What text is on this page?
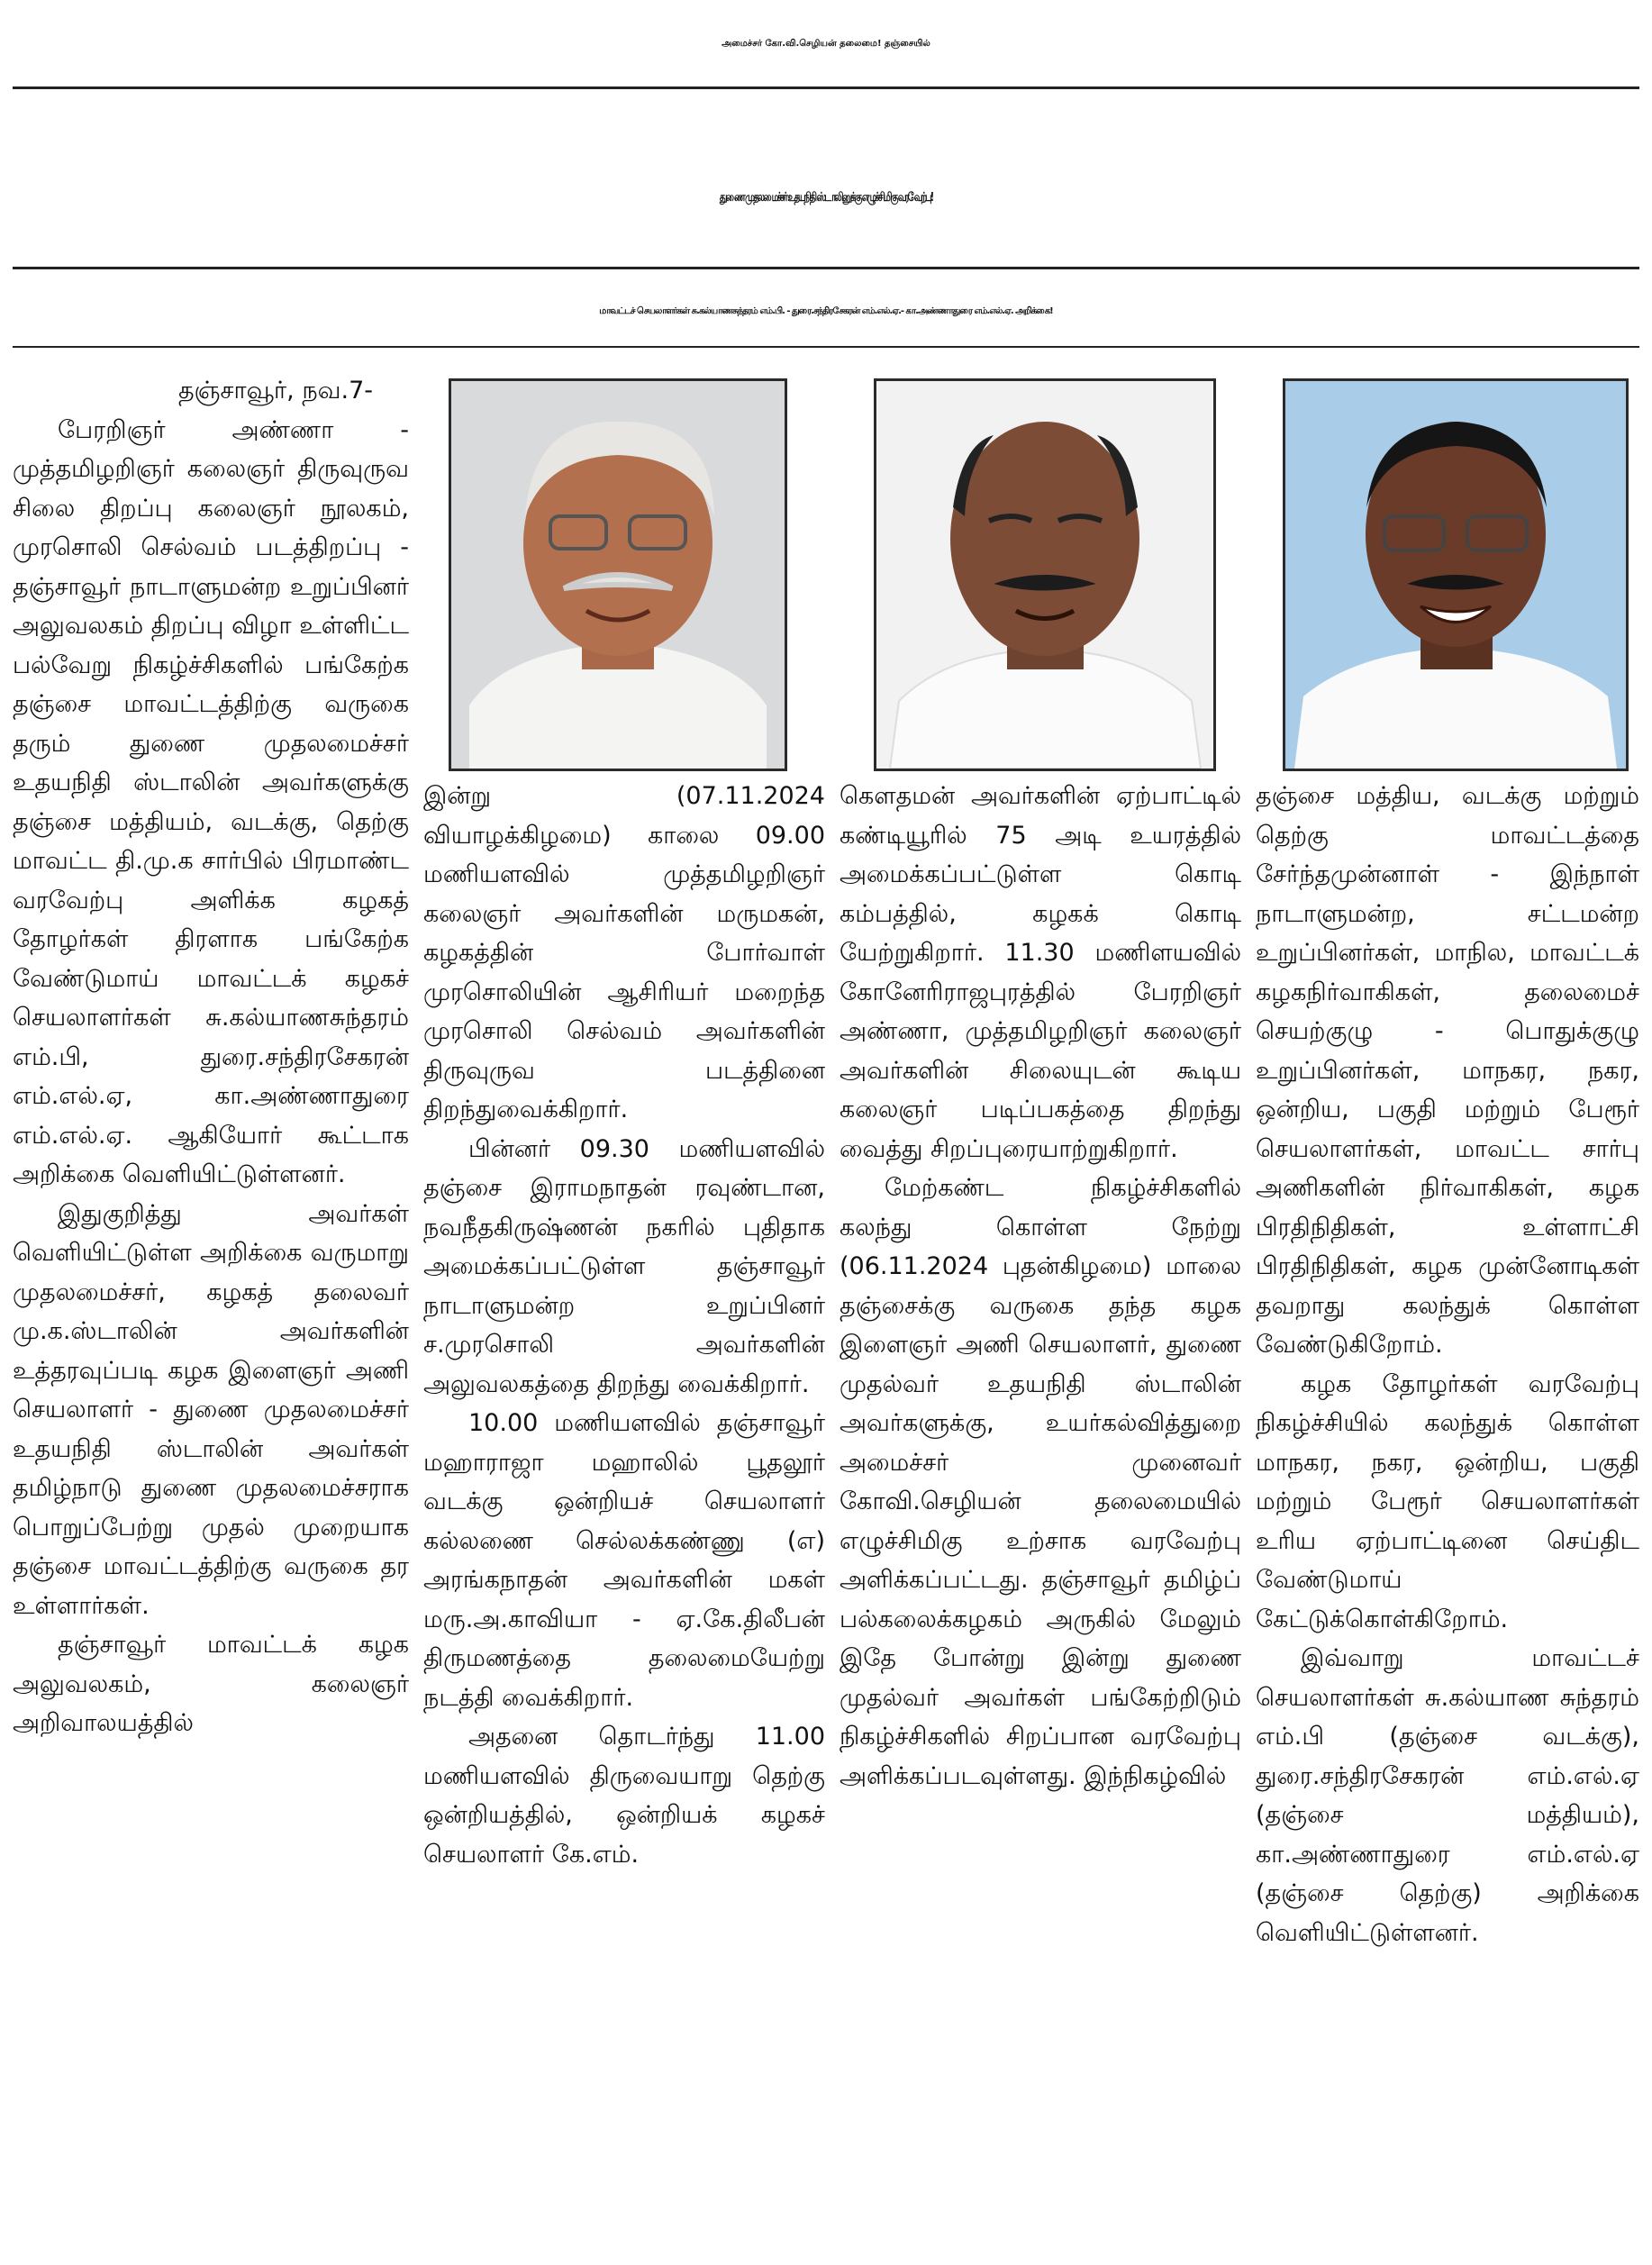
அமைச்சர் கோ.வி.செழியன் தலைமை! தஞ்சையில்
துணை முதலமைச்சர் உதயநிதி ஸ்டாலினுக்கு எழுச்சிமிகு வரவேற்பு!
மாவட்டச் செயலாளர்கள் சு.கல்யாணசுந்தரம் எம்.பி. - துரை.சந்திரசேகரன் எம்.எல்.ஏ.- கா.அண்ணாதுரை எம்.எல்.ஏ. அறிக்கை!

தஞ்சாவூர், நவ.7-

பேரறிஞர் அண்ணா - முத்தமிழறிஞர் கலைஞர் திருவுருவ சிலை திறப்பு கலைஞர் நூலகம், முரசொலி செல்வம் படத்திறப்பு - தஞ்சாவூர் நாடாளுமன்ற உறுப்பினர் அலுவலகம் திறப்பு விழா உள்ளிட்ட பல்வேறு நிகழ்ச்சிகளில் பங்கேற்க தஞ்சை மாவட்டத்திற்கு வருகை தரும் துணை முதலமைச்சர் உதயநிதி ஸ்டாலின் அவர்களுக்கு தஞ்சை மத்தியம், வடக்கு, தெற்கு மாவட்ட தி.மு.க சார்பில் பிரமாண்ட வரவேற்பு அளிக்க கழகத் தோழர்கள் திரளாக பங்கேற்க வேண்டுமாய் மாவட்டக் கழகச் செயலாளர்கள் சு.கல்யாணசுந்தரம் எம்.பி, துரை.சந்திரசேகரன் எம்.எல்.ஏ, கா.அண்ணாதுரை எம்.எல்.ஏ. ஆகியோர் கூட்டாக அறிக்கை வெளியிட்டுள்ளனர்.

இதுகுறித்து அவர்கள் வெளியிட்டுள்ள அறிக்கை வருமாறு முதலமைச்சர், கழகத் தலைவர் மு.க.ஸ்டாலின் அவர்களின் உத்தரவுப்படி கழக இளைஞர் அணி செயலாளர் - துணை முதலமைச்சர் உதயநிதி ஸ்டாலின் அவர்கள் தமிழ்நாடு துணை முதலமைச்சராக பொறுப்பேற்று முதல் முறையாக தஞ்சை மாவட்டத்திற்கு வருகை தர உள்ளார்கள்.

தஞ்சாவூர் மாவட்டக் கழக அலுவலகம், கலைஞர் அறிவாலயத்தில்

இன்று (07.11.2024 வியாழக்கிழமை) காலை 09.00 மணியளவில் முத்தமிழறிஞர் கலைஞர் அவர்களின் மருமகன், கழகத்தின் போர்வாள் முரசொலியின் ஆசிரியர் மறைந்த முரசொலி செல்வம் அவர்களின் திருவுருவ படத்தினை திறந்துவைக்கிறார்.

பின்னர் 09.30 மணியளவில் தஞ்சை இராமநாதன் ரவுண்டான, நவநீதகிருஷ்ணன் நகரில் புதிதாக அமைக்கப்பட்டுள்ள தஞ்சாவூர் நாடாளுமன்ற உறுப்பினர் ச.முரசொலி அவர்களின் அலுவலகத்தை திறந்து வைக்கிறார்.

10.00 மணியளவில் தஞ்சாவூர் மஹாராஜா மஹாலில் பூதலூர் வடக்கு ஒன்றியச் செயலாளர் கல்லணை செல்லக்கண்ணு (எ) அரங்கநாதன் அவர்களின் மகள் மரு.அ.காவியா - ஏ.கே.திலீபன் திருமணத்தை தலைமையேற்று நடத்தி வைக்கிறார்.

அதனை தொடர்ந்து 11.00 மணியளவில் திருவையாறு தெற்கு ஒன்றியத்தில், ஒன்றியக் கழகச் செயலாளர் கே.எம்.

கௌதமன் அவர்களின் ஏற்பாட்டில் கண்டியூரில் 75 அடி உயரத்தில் அமைக்கப்பட்டுள்ள கொடி கம்பத்தில், கழகக் கொடி யேற்றுகிறார். 11.30 மணிளயவில் கோனேரிராஜபுரத்தில் பேரறிஞர் அண்ணா, முத்தமிழறிஞர் கலைஞர் அவர்களின் சிலையுடன் கூடிய கலைஞர் படிப்பகத்தை திறந்து வைத்து சிறப்புரையாற்றுகிறார்.

மேற்கண்ட நிகழ்ச்சிகளில் கலந்து கொள்ள நேற்று (06.11.2024 புதன்கிழமை) மாலை தஞ்சைக்கு வருகை தந்த கழக இளைஞர் அணி செயலாளர், துணை முதல்வர் உதயநிதி ஸ்டாலின் அவர்களுக்கு, உயர்கல்வித்துறை அமைச்சர் முனைவர் கோவி.செழியன் தலைமையில் எழுச்சிமிகு உற்சாக வரவேற்பு அளிக்கப்பட்டது. தஞ்சாவூர் தமிழ்ப் பல்கலைக்கழகம் அருகில் மேலும் இதே போன்று இன்று துணை முதல்வர் அவர்கள் பங்கேற்றிடும் நிகழ்ச்சிகளில் சிறப்பான வரவேற்பு அளிக்கப்படவுள்ளது. இந்நிகழ்வில்

தஞ்சை மத்திய, வடக்கு மற்றும் தெற்கு மாவட்டத்தை சேர்ந்தமுன்னாள் - இந்நாள் நாடாளுமன்ற, சட்டமன்ற உறுப்பினர்கள், மாநில, மாவட்டக் கழகநிர்வாகிகள், தலைமைச் செயற்குழு - பொதுக்குழு உறுப்பினர்கள், மாநகர, நகர, ஒன்றிய, பகுதி மற்றும் பேரூர் செயலாளர்கள், மாவட்ட சார்பு அணிகளின் நிர்வாகிகள், கழக பிரதிநிதிகள், உள்ளாட்சி பிரதிநிதிகள், கழக முன்னோடிகள் தவறாது கலந்துக் கொள்ள வேண்டுகிறோம்.

கழக தோழர்கள் வரவேற்பு நிகழ்ச்சியில் கலந்துக் கொள்ள மாநகர, நகர, ஒன்றிய, பகுதி மற்றும் பேரூர் செயலாளர்கள் உரிய ஏற்பாட்டினை செய்திட வேண்டுமாய் கேட்டுக்கொள்கிறோம்.

இவ்வாறு மாவட்டச் செயலாளர்கள் சு.கல்யாண சுந்தரம் எம்.பி (தஞ்சை வடக்கு), துரை.சந்திரசேகரன் எம்.எல்.ஏ (தஞ்சை மத்தியம்), கா.அண்ணாதுரை எம்.எல்.ஏ (தஞ்சை தெற்கு) அறிக்கை வெளியிட்டுள்ளனர்.
